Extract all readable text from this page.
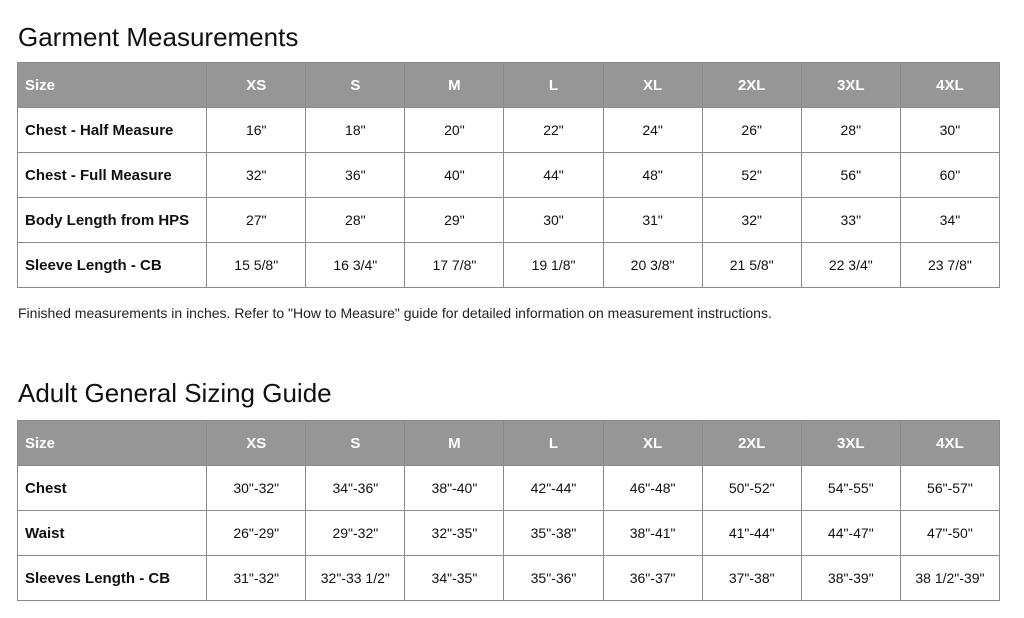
Garment Measurements
Size	XS	S	M	L	XL	2XL	3XL	4XL
Chest - Half Measure	16"	18"	20"	22"	24"	26"	28"	30"
Chest - Full Measure	32"	36"	40"	44"	48"	52"	56"	60"
Body Length from HPS	27"	28"	29"	30"	31"	32"	33"	34"
Sleeve Length - CB	15 5/8"	16 3/4"	17 7/8"	19 1/8"	20 3/8"	21 5/8"	22 3/4"	23 7/8"

Finished measurements in inches. Refer to "How to Measure" guide for detailed information on measurement instructions.

Adult General Sizing Guide
Size	XS	S	M	L	XL	2XL	3XL	4XL
Chest	30"-32"	34"-36"	38"-40"	42"-44"	46"-48"	50"-52"	54"-55"	56"-57"
Waist	26"-29"	29"-32"	32"-35"	35"-38"	38"-41"	41"-44"	44"-47"	47"-50"
Sleeves Length - CB	31"-32"	32"-33 1/2"	34"-35"	35"-36"	36"-37"	37"-38"	38"-39"	38 1/2"-39"
